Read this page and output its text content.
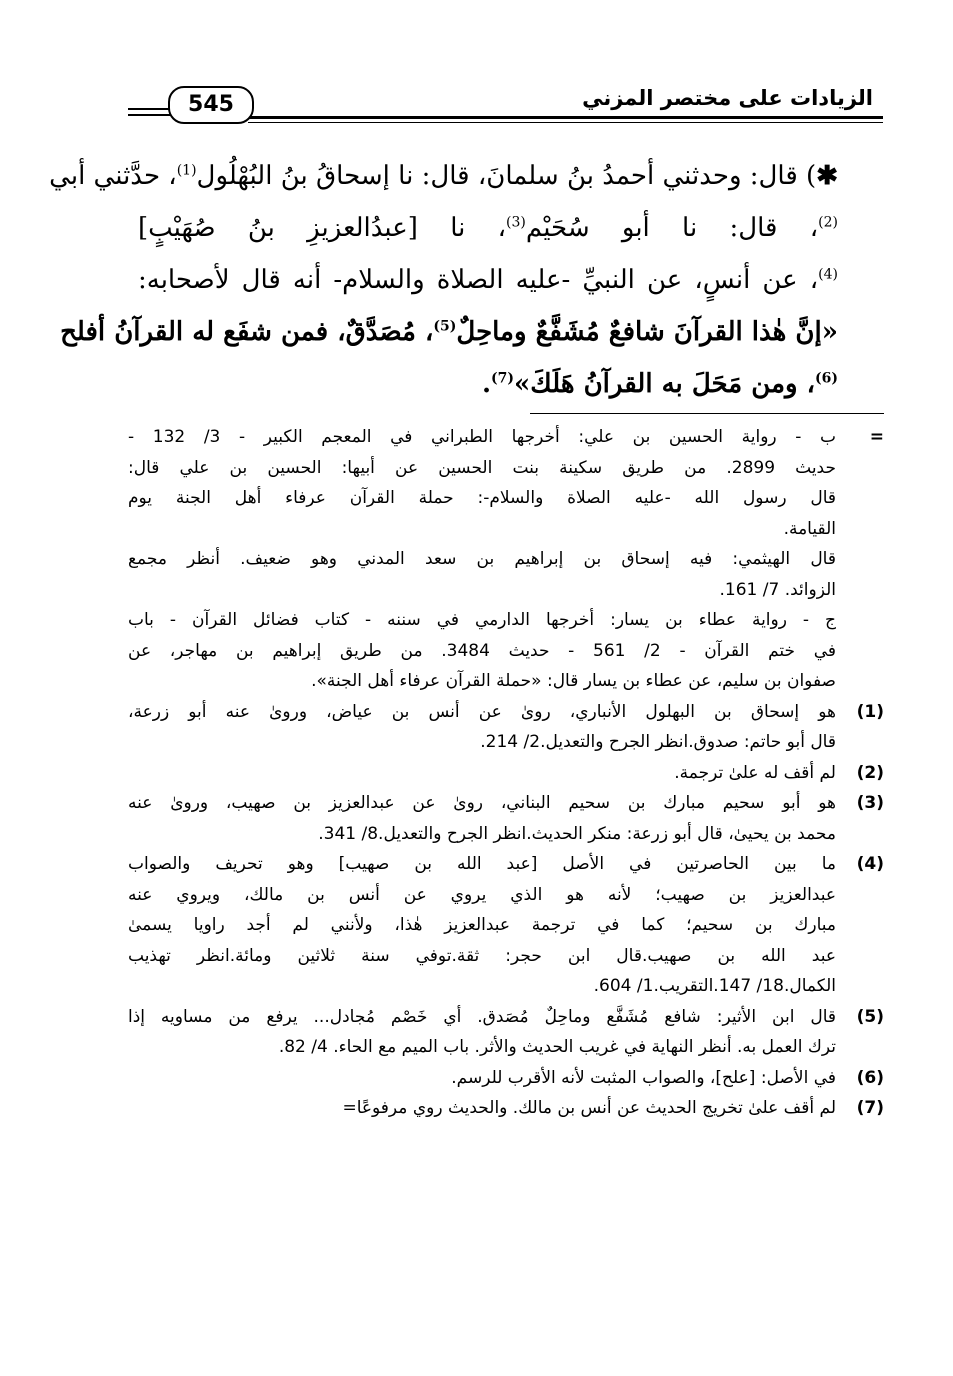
الزيادات على مختصر المزني
545
✱) قال: وحدثني أحمدُ بنُ سلمانَ، قال: نا إسحاقُ بنُ البُهْلُول$^{(1)}$، حدَّثني أبي
$^{(2)}$، قال: نا أبو سُحَيْم$^{(3)}$، نا [عبدُالعزيزِ بنُ صُهَيْبٍ]
$^{(4)}$، عن أنسٍ، عن النبيِّ -عليه الصلاة والسلام- أنه قال لأصحابه:
«إنَّ هٰذا القرآنَ شافعٌ مُشَفَّعٌ وماحِلٌ$^{(5)}$، مُصَدَّقٌ، فمن شفَع له القرآنُ أفلح
$^{(6)}$، ومن مَحَلَ به القرآنُ هَلَكَ»$^{(7)}$.
=
ب - رواية الحسين بن علي: أخرجها الطبراني في المعجم الكبير - 3/ 132 -
حديث 2899. من طريق سكينة بنت الحسين عن أبيها: الحسين بن علي قال:
قال رسول الله -عليه الصلاة والسلام-: حملة القرآن عرفاء أهل الجنة يوم
القيامة.
قال الهيثمي: فيه إسحاق بن إبراهيم بن سعد المدني وهو ضعيف. أنظر مجمع
الزوائد. 7/ 161.
ج - رواية عطاء بن يسار: أخرجها الدارمي في سننه - كتاب فضائل القرآن - باب
في ختم القرآن - 2/ 561 - حديث 3484. من طريق إبراهيم بن مهاجر، عن
صفوان بن سليم، عن عطاء بن يسار قال: «حملة القرآن عرفاء أهل الجنة».
(1)
هو إسحاق بن البهلول الأنباري، روىٰ عن أنس بن عياض، وروىٰ عنه أبو زرعة،
قال أبو حاتم: صدوق.انظر الجرح والتعديل.2/ 214.
(2)
لم أقف له علىٰ ترجمة.
(3)
هو أبو سحيم مبارك بن سحيم البناني، روىٰ عن عبدالعزيز بن صهيب، وروىٰ عنه
محمد بن يحيىٰ، قال أبو زرعة: منكر الحديث.انظر الجرح والتعديل.8/ 341.
(4)
ما بين الحاصرتين في الأصل [عبد الله بن صهيب] وهو تحريف والصواب
عبدالعزيز بن صهيب؛ لأنه هو الذي يروي عن أنس بن مالك، ويروي عنه
مبارك بن سحيم؛ كما في ترجمة عبدالعزيز هٰذا، ولأنني لم أجد راويا يسمىٰ
عبد الله بن صهيب.قال ابن حجر: ثقة.توفي سنة ثلاثين ومائة.انظر تهذيب
الكمال.18/ 147.التقريب.1/ 604.
(5)
قال ابن الأثير: شافع مُشَفَّع وماحِلٌ مُصَدق. أي خَصْم مُجادل... يرفع من مساويه إذا
ترك العمل به. أنظر النهاية في غريب الحديث والأثر. باب الميم مع الحاء. 4/ 82.
(6)
في الأصل: [علح]، والصواب المثبت لأنه الأقرب للرسم.
(7)
لم أقف علىٰ تخريج الحديث عن أنس بن مالك. والحديث روي مرفوعًا=
